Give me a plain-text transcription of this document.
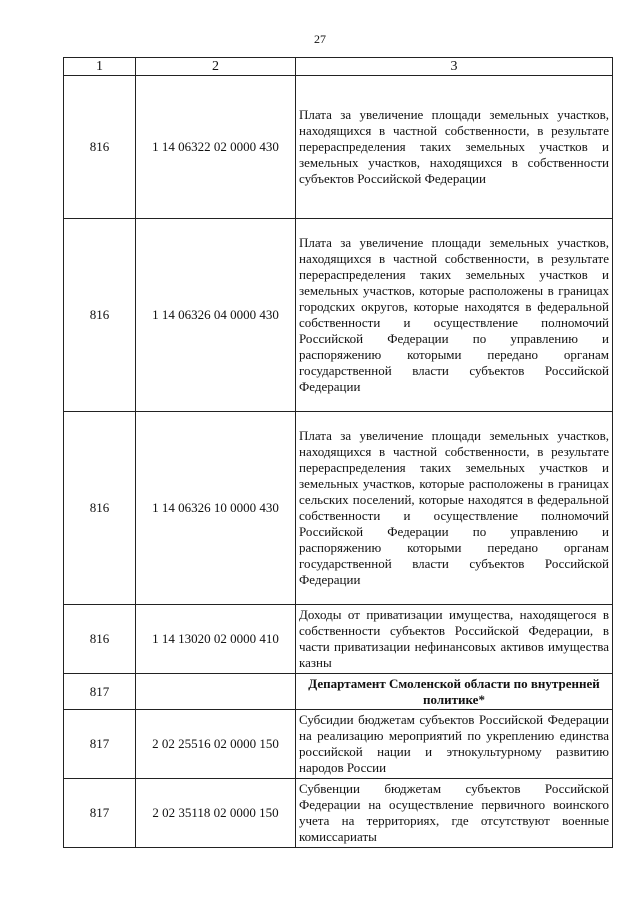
27
1	2	3
816	1 14 06322 02 0000 430	Плата за увеличение площади земельных участков, находящихся в частной собственности, в результате перераспределения таких земельных участков и земельных участков, находящихся в собственности субъектов Российской Федерации
816	1 14 06326 04 0000 430	Плата за увеличение площади земельных участков, находящихся в частной собственности, в результате перераспределения таких земельных участков и земельных участков, которые расположены в границах городских округов, которые находятся в федеральной собственности и осуществление полномочий Российской Федерации по управлению и распоряжению которыми передано органам государственной власти субъектов Российской Федерации
816	1 14 06326 10 0000 430	Плата за увеличение площади земельных участков, находящихся в частной собственности, в результате перераспределения таких земельных участков и земельных участков, которые расположены в границах сельских поселений, которые находятся в федеральной собственности и осуществление полномочий Российской Федерации по управлению и распоряжению которыми передано органам государственной власти субъектов Российской Федерации
816	1 14 13020 02 0000 410	Доходы от приватизации имущества, находящегося в собственности субъектов Российской Федерации, в части приватизации нефинансовых активов имущества казны
817		Департамент Смоленской области по внутренней политике*
817	2 02 25516 02 0000 150	Субсидии бюджетам субъектов Российской Федерации на реализацию мероприятий по укреплению единства российской нации и этнокультурному развитию народов России
817	2 02 35118 02 0000 150	Субвенции бюджетам субъектов Российской Федерации на осуществление первичного воинского учета на территориях, где отсутствуют военные комиссариаты
